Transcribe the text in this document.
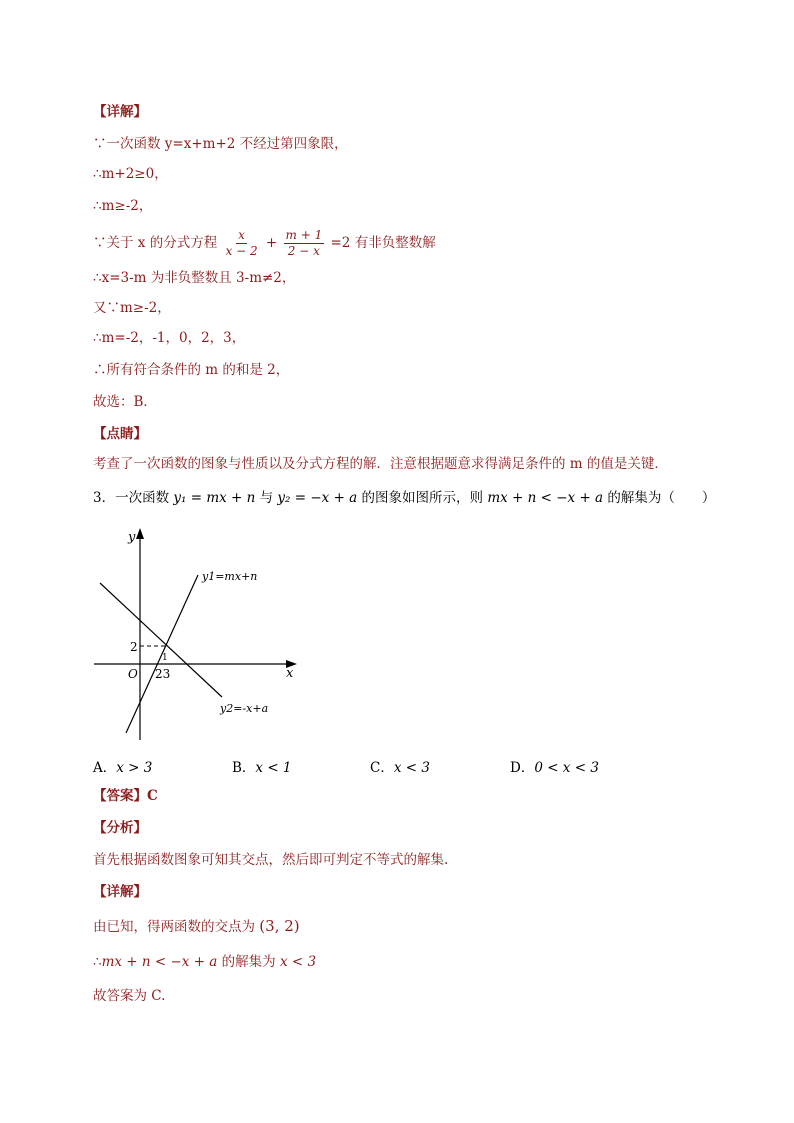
【详解】
∵一次函数 y=x+m+2 不经过第四象限，
∴m+2≥0，
∴m≥-2，
∵关于 x 的分式方程 $\frac{x}{x - 2} + \frac{m + 1}{2 - x} =2$ 有非负整数解
∴x=3-m 为非负整数且 3-m≠2，
又∵m≥-2，
∴m=-2，-1，0，2，3，
∴所有符合条件的 m 的和是 2，
故选：B．
【点睛】
考查了一次函数的图象与性质以及分式方程的解．注意根据题意求得满足条件的 m 的值是关键．
3．一次函数 y₁ = mx + n 与 y₂ = −x + a 的图象如图所示，则 mx + n < −x + a 的解集为（　　）
y
x
O
2
23
1
y1=mx+n
y2=-x+a
A．x > 3	B．x < 1	C．x < 3	D．0 < x < 3
【答案】C
【分析】
首先根据函数图象可知其交点，然后即可判定不等式的解集.
【详解】
由已知，得两函数的交点为 (3, 2)
∴mx + n < −x + a 的解集为 x < 3
故答案为 C.
